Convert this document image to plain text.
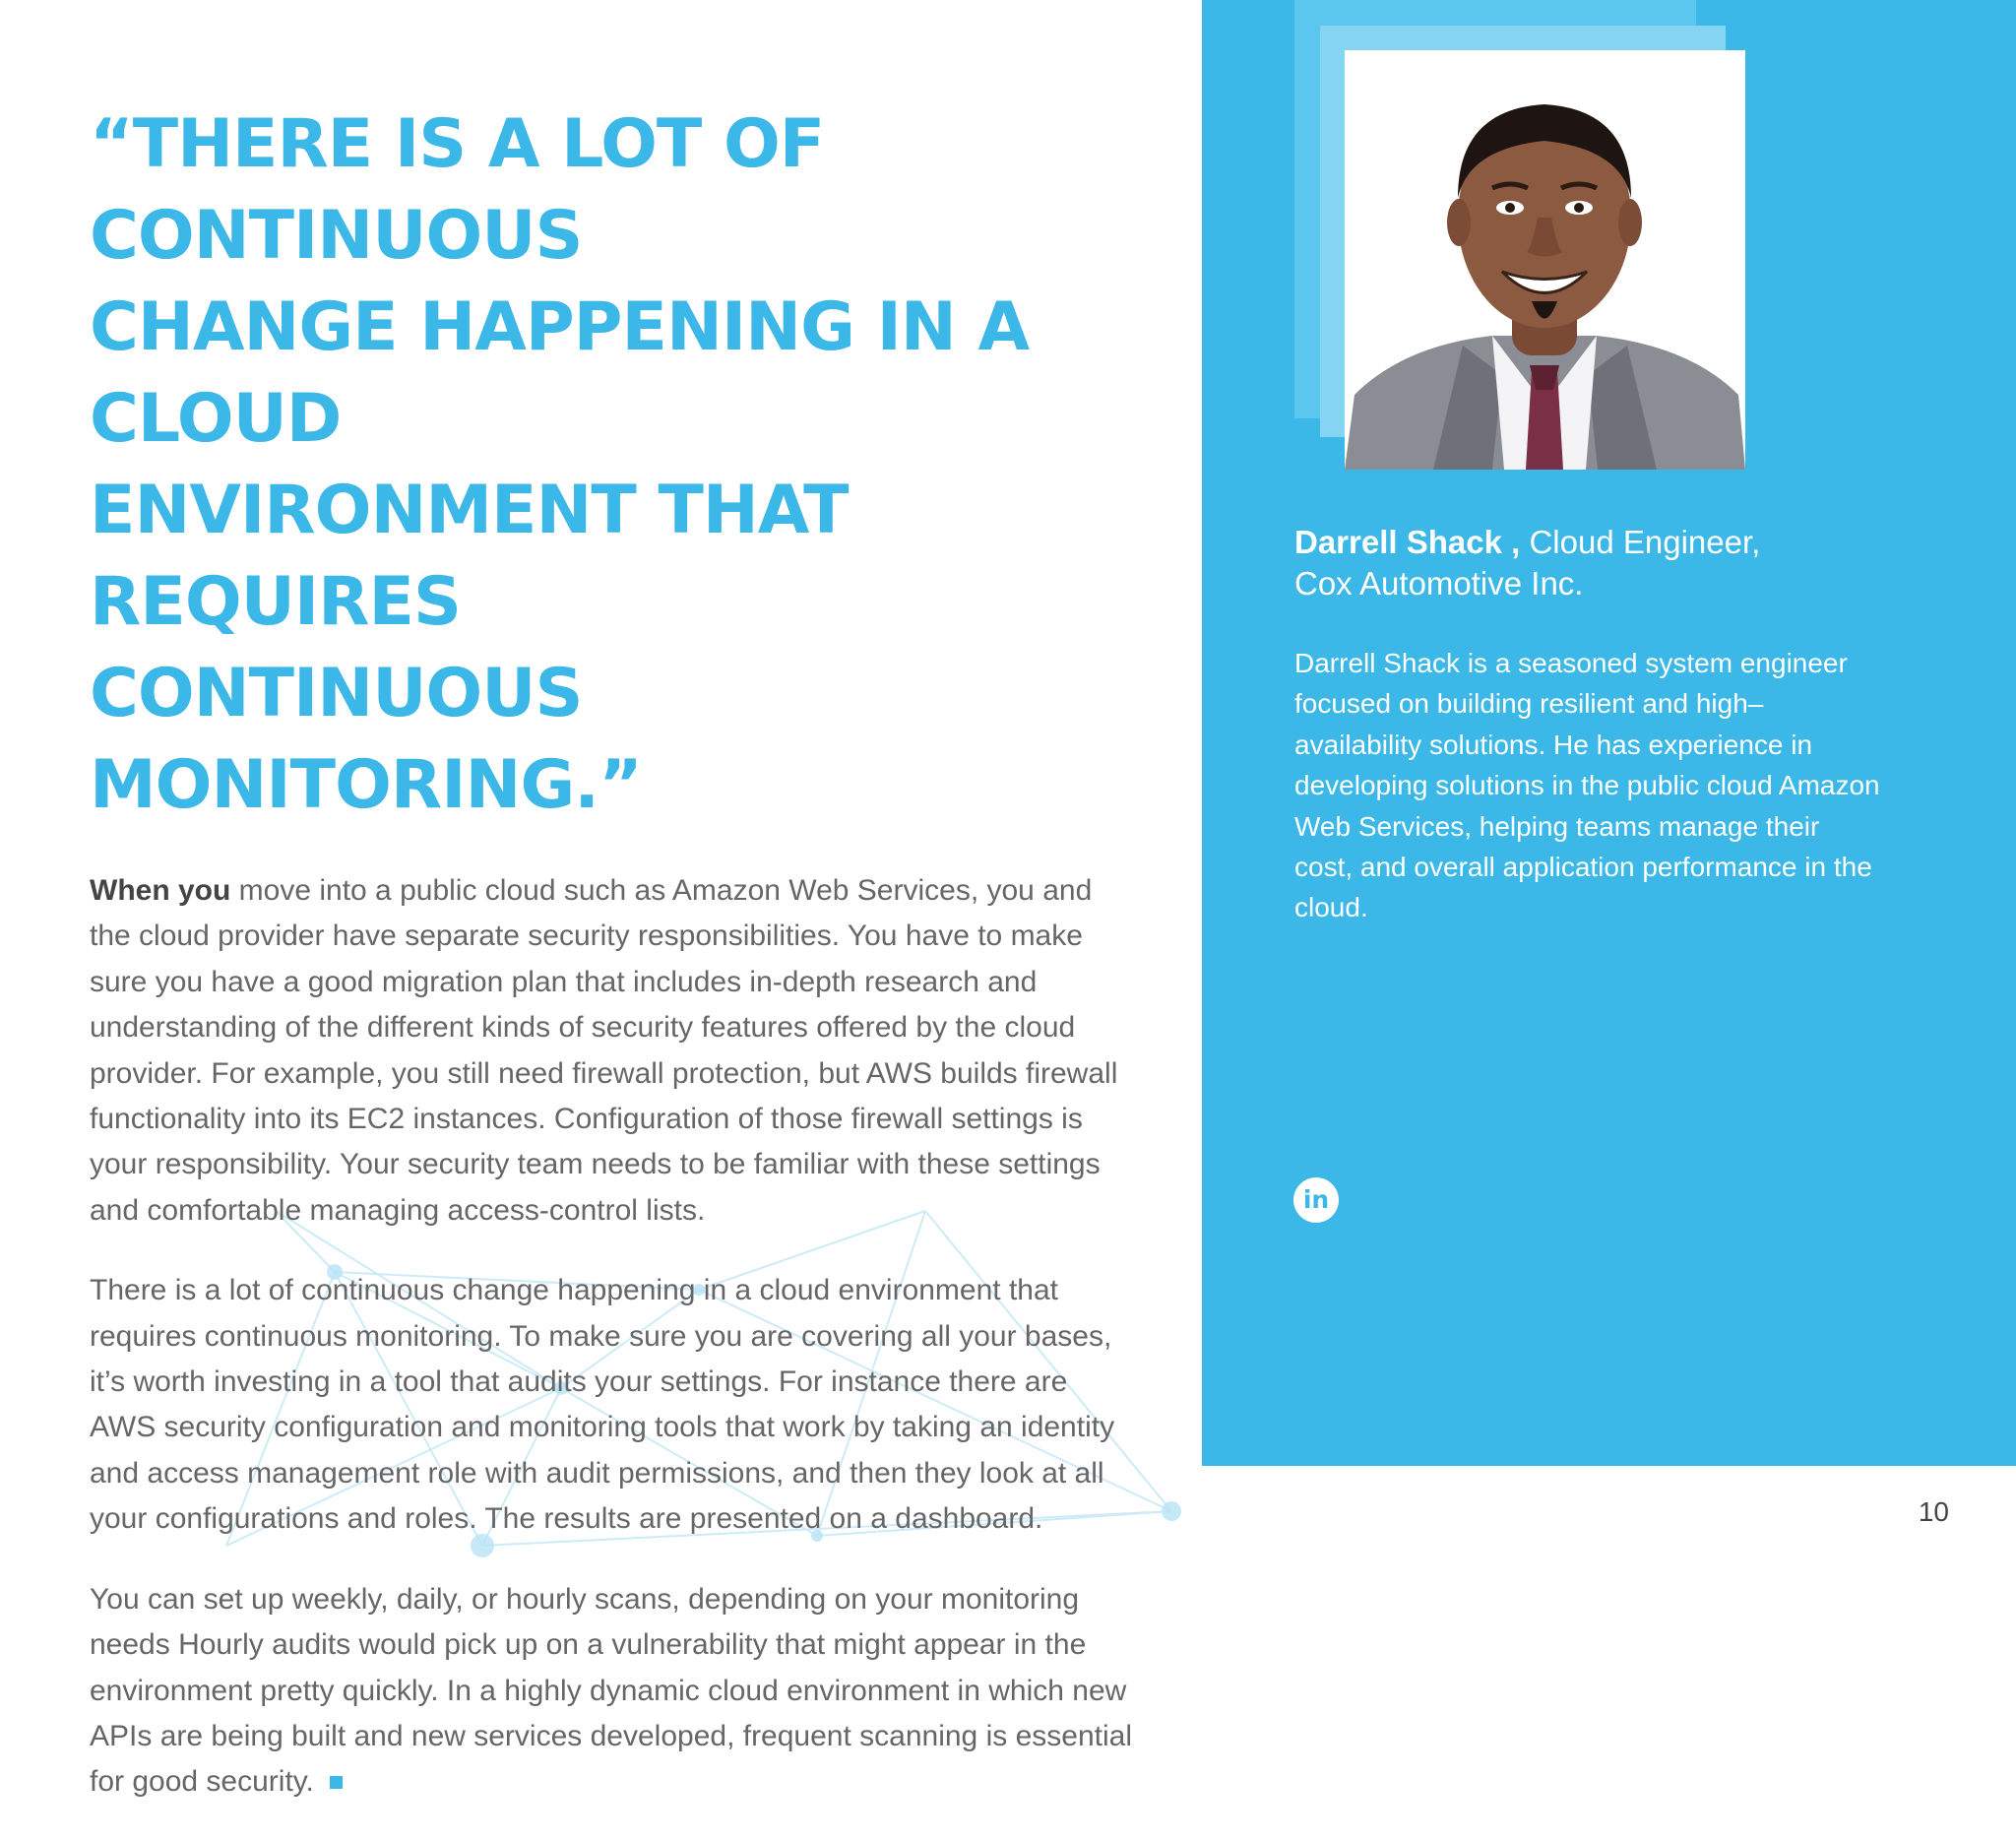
“THERE IS A LOT OF CONTINUOUS
CHANGE HAPPENING IN A CLOUD
ENVIRONMENT THAT REQUIRES
CONTINUOUS MONITORING.”

When you move into a public cloud such as Amazon Web Services, you and the cloud provider have separate security responsibilities. You have to make sure you have a good migration plan that includes in-depth research and understanding of the different kinds of security features offered by the cloud provider. For example, you still need firewall protection, but AWS builds firewall functionality into its EC2 instances. Configuration of those firewall settings is your responsibility. Your security team needs to be familiar with these settings and comfortable managing access-control lists.

There is a lot of continuous change happening in a cloud environment that requires continuous monitoring. To make sure you are covering all your bases, it’s worth investing in a tool that audits your settings. For instance there are AWS security configuration and monitoring tools that work by taking an identity and access management role with audit permissions, and then they look at all your configurations and roles. The results are presented on a dashboard.

You can set up weekly, daily, or hourly scans, depending on your monitoring needs Hourly audits would pick up on a vulnerability that might appear in the environment pretty quickly. In a highly dynamic cloud environment in which new APIs are being built and new services developed, frequent scanning is essential for good security.

Darrell Shack , Cloud Engineer,
Cox Automotive Inc.

Darrell Shack is a seasoned system engineer focused on building resilient and high–availability solutions. He has experience in developing solutions in the public cloud Amazon Web Services, helping teams manage their cost, and overall application performance in the cloud.

in
10
